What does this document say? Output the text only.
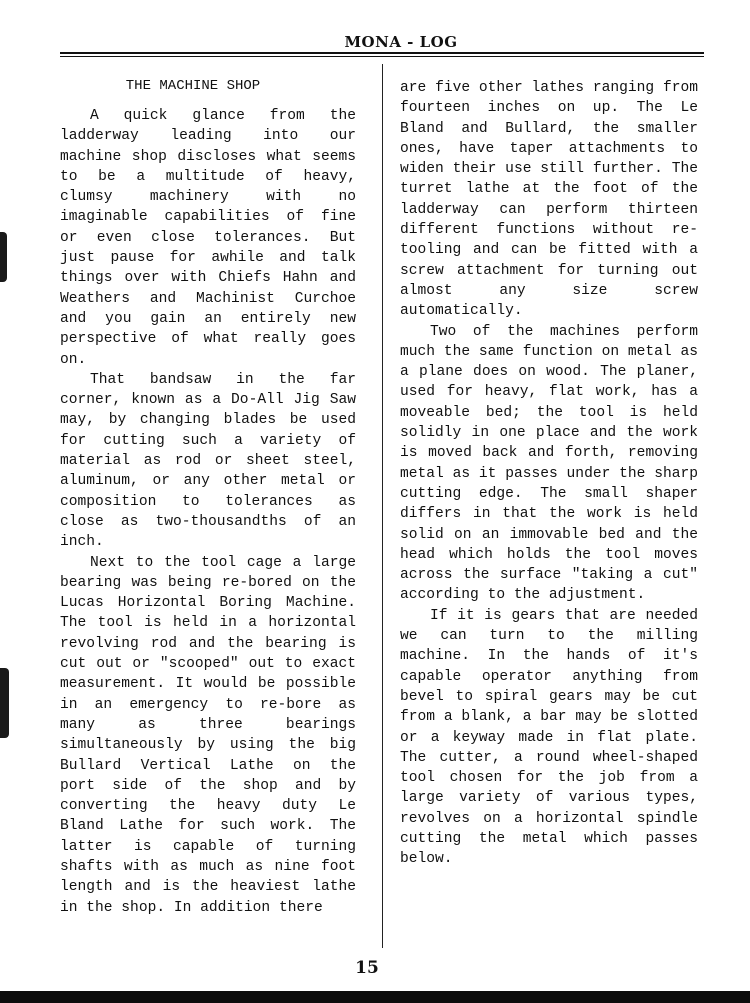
MONA - LOG
THE MACHINE SHOP

A quick glance from the ladderway leading into our machine shop discloses what seems to be a multitude of heavy, clumsy machinery with no imaginable capabilities of fine or even close tolerances. But just pause for awhile and talk things over with Chiefs Hahn and Weathers and Machinist Curchoe and you gain an entirely new perspective of what really goes on.

That bandsaw in the far corner, known as a Do-All Jig Saw may, by changing blades be used for cutting such a variety of material as rod or sheet steel, aluminum, or any other metal or composition to tolerances as close as two-thousandths of an inch.

Next to the tool cage a large bearing was being re-bored on the Lucas Horizontal Boring Machine. The tool is held in a horizontal revolving rod and the bearing is cut out or "scooped" out to exact measurement. It would be possible in an emergency to re-bore as many as three bearings simultaneously by using the big Bullard Vertical Lathe on the port side of the shop and by converting the heavy duty Le Bland Lathe for such work. The latter is capable of turning shafts with as much as nine foot length and is the heaviest lathe in the shop. In addition there

are five other lathes ranging from fourteen inches on up. The Le Bland and Bullard, the smaller ones, have taper attachments to widen their use still further. The turret lathe at the foot of the ladderway can perform thirteen different functions without re-tooling and can be fitted with a screw attachment for turning out almost any size screw automatically.

Two of the machines perform much the same function on metal as a plane does on wood. The planer, used for heavy, flat work, has a moveable bed; the tool is held solidly in one place and the work is moved back and forth, removing metal as it passes under the sharp cutting edge. The small shaper differs in that the work is held solid on an immovable bed and the head which holds the tool moves across the surface "taking a cut" according to the adjustment.

If it is gears that are needed we can turn to the milling machine. In the hands of it's capable operator anything from bevel to spiral gears may be cut from a blank, a bar may be slotted or a keyway made in flat plate. The cutter, a round wheel-shaped tool chosen for the job from a large variety of various types, revolves on a horizontal spindle cutting the metal which passes below.

15
